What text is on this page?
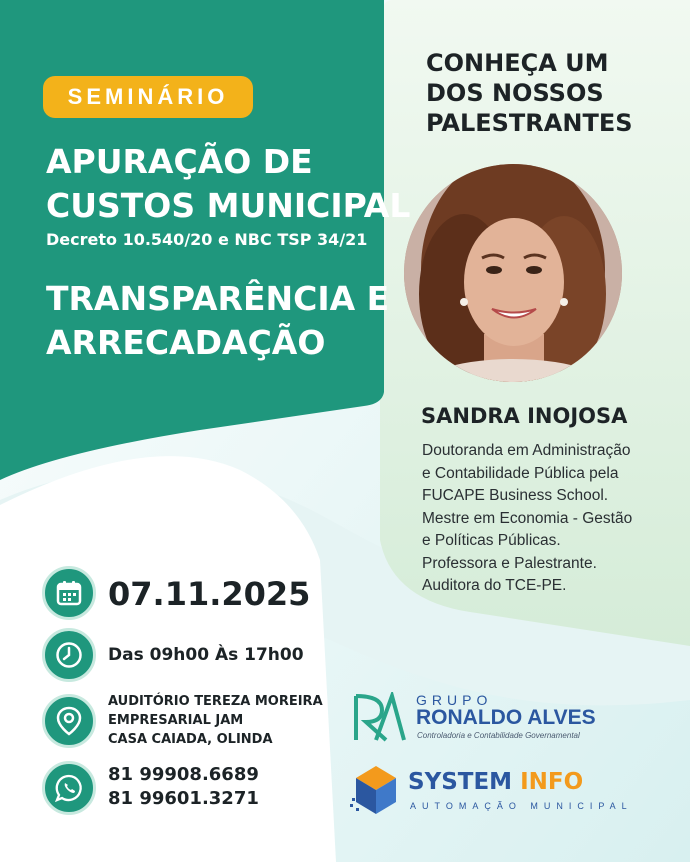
SEMINÁRIO
APURAÇÃO DE
CUSTOS MUNICIPAL
Decreto 10.540/20 e NBC TSP 34/21
TRANSPARÊNCIA E
ARRECADAÇÃO
CONHEÇA UM
DOS NOSSOS
PALESTRANTES
SANDRA INOJOSA
Doutoranda em Administração
e Contabilidade Pública pela
FUCAPE Business School.
Mestre em Economia - Gestão
e Políticas Públicas.
Professora e Palestrante.
Auditora do TCE-PE.
07.11.2025
Das 09h00 Às 17h00
AUDITÓRIO TEREZA MOREIRA
EMPRESARIAL JAM
CASA CAIADA, OLINDA
81 99908.6689
81 99601.3271
GRUPO
RONALDO ALVES
Controladoria e Contabilidade Governamental
SYSTEM INFO
AUTOMAÇÃO MUNICIPAL
